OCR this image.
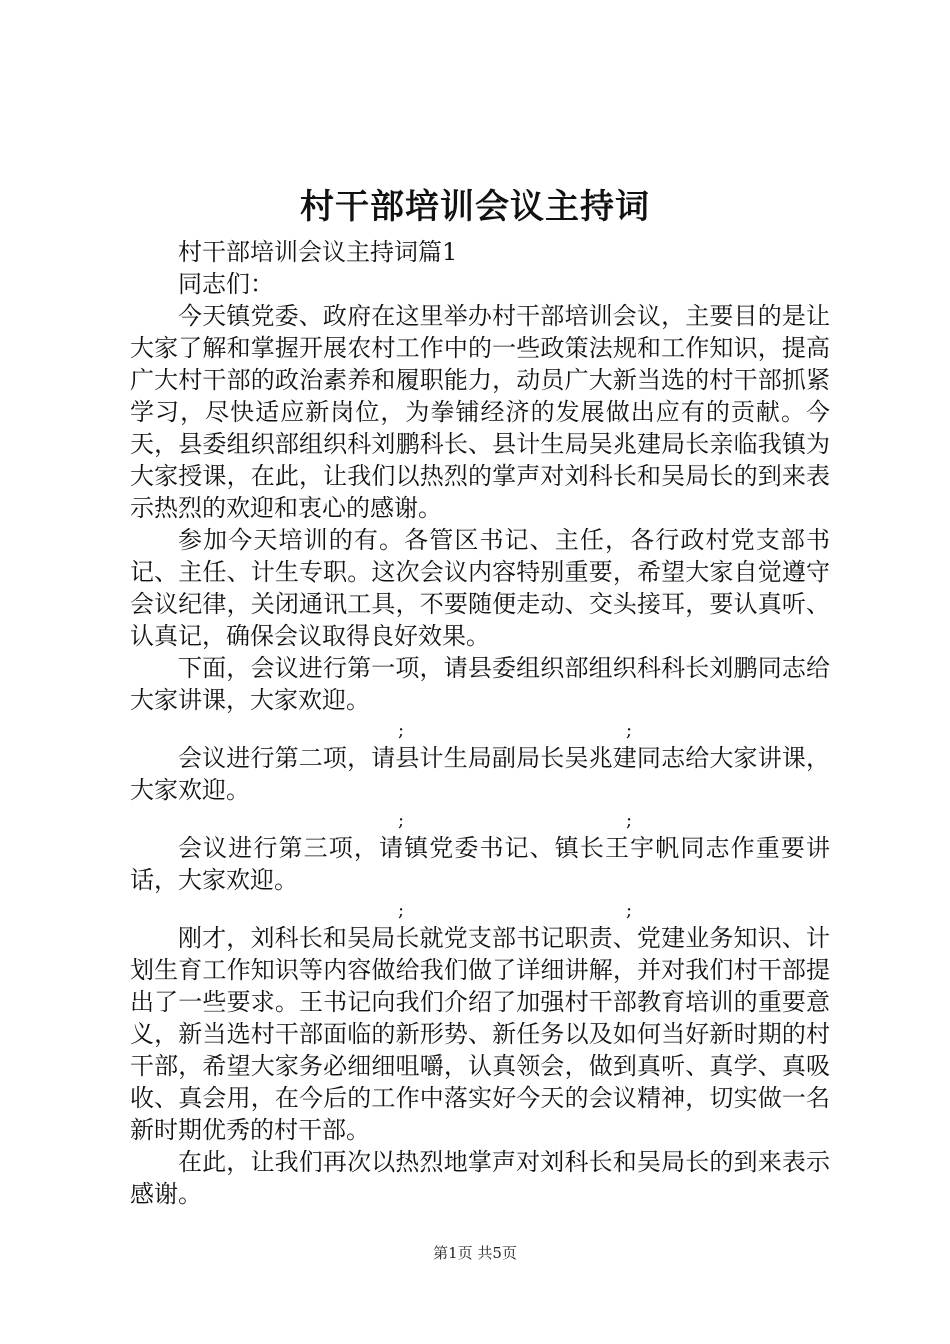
村干部培训会议主持词

村干部培训会议主持词篇1

同志们：

今天镇党委、政府在这里举办村干部培训会议，主要目的是让大家了解和掌握开展农村工作中的一些政策法规和工作知识，提高广大村干部的政治素养和履职能力，动员广大新当选的村干部抓紧学习，尽快适应新岗位，为拳铺经济的发展做出应有的贡献。今天，县委组织部组织科刘鹏科长、县计生局吴兆建局长亲临我镇为大家授课，在此，让我们以热烈的掌声对刘科长和吴局长的到来表示热烈的欢迎和衷心的感谢。

参加今天培训的有。各管区书记、主任，各行政村党支部书记、主任、计生专职。这次会议内容特别重要，希望大家自觉遵守会议纪律，关闭通讯工具，不要随便走动、交头接耳，要认真听、认真记，确保会议取得良好效果。

下面，会议进行第一项，请县委组织部组织科科长刘鹏同志给大家讲课，大家欢迎。

;	;

会议进行第二项，请县计生局副局长吴兆建同志给大家讲课，大家欢迎。

;	;

会议进行第三项，请镇党委书记、镇长王宇帆同志作重要讲话，大家欢迎。

;	;

刚才，刘科长和吴局长就党支部书记职责、党建业务知识、计划生育工作知识等内容做给我们做了详细讲解，并对我们村干部提出了一些要求。王书记向我们介绍了加强村干部教育培训的重要意义，新当选村干部面临的新形势、新任务以及如何当好新时期的村干部，希望大家务必细细咀嚼，认真领会，做到真听、真学、真吸收、真会用，在今后的工作中落实好今天的会议精神，切实做一名新时期优秀的村干部。

在此，让我们再次以热烈地掌声对刘科长和吴局长的到来表示感谢。

第1页 共5页
